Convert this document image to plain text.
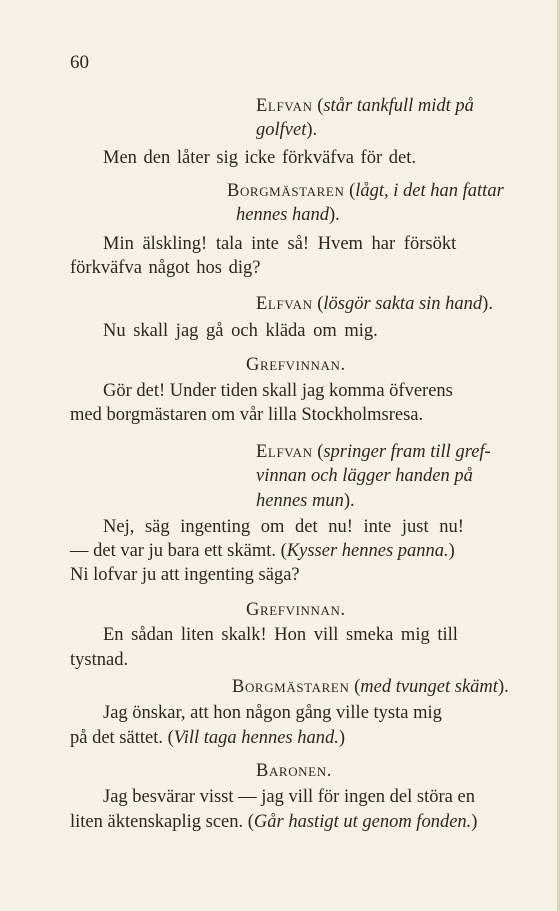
60
Elfvan (står tankfull midt på
golfvet).
Men den låter sig icke förkväfva för det.
Borgmästaren (lågt, i det han fattar
hennes hand).
Min älskling! tala inte så! Hvem har försökt
förkväfva något hos dig?
Elfvan (lösgör sakta sin hand).
Nu skall jag gå och kläda om mig.
Grefvinnan.
Gör det! Under tiden skall jag komma öfverens
med borgmästaren om vår lilla Stockholmsresa.
Elfvan (springer fram till gref-
vinnan och lägger handen på
hennes mun).
Nej, säg ingenting om det nu! inte just nu!
— det var ju bara ett skämt. (Kysser hennes panna.)
Ni lofvar ju att ingenting säga?
Grefvinnan.
En sådan liten skalk! Hon vill smeka mig till
tystnad.
Borgmästaren (med tvunget skämt).
Jag önskar, att hon någon gång ville tysta mig
på det sättet. (Vill taga hennes hand.)
Baronen.
Jag besvärar visst — jag vill för ingen del störa en
liten äktenskaplig scen. (Går hastigt ut genom fonden.)
